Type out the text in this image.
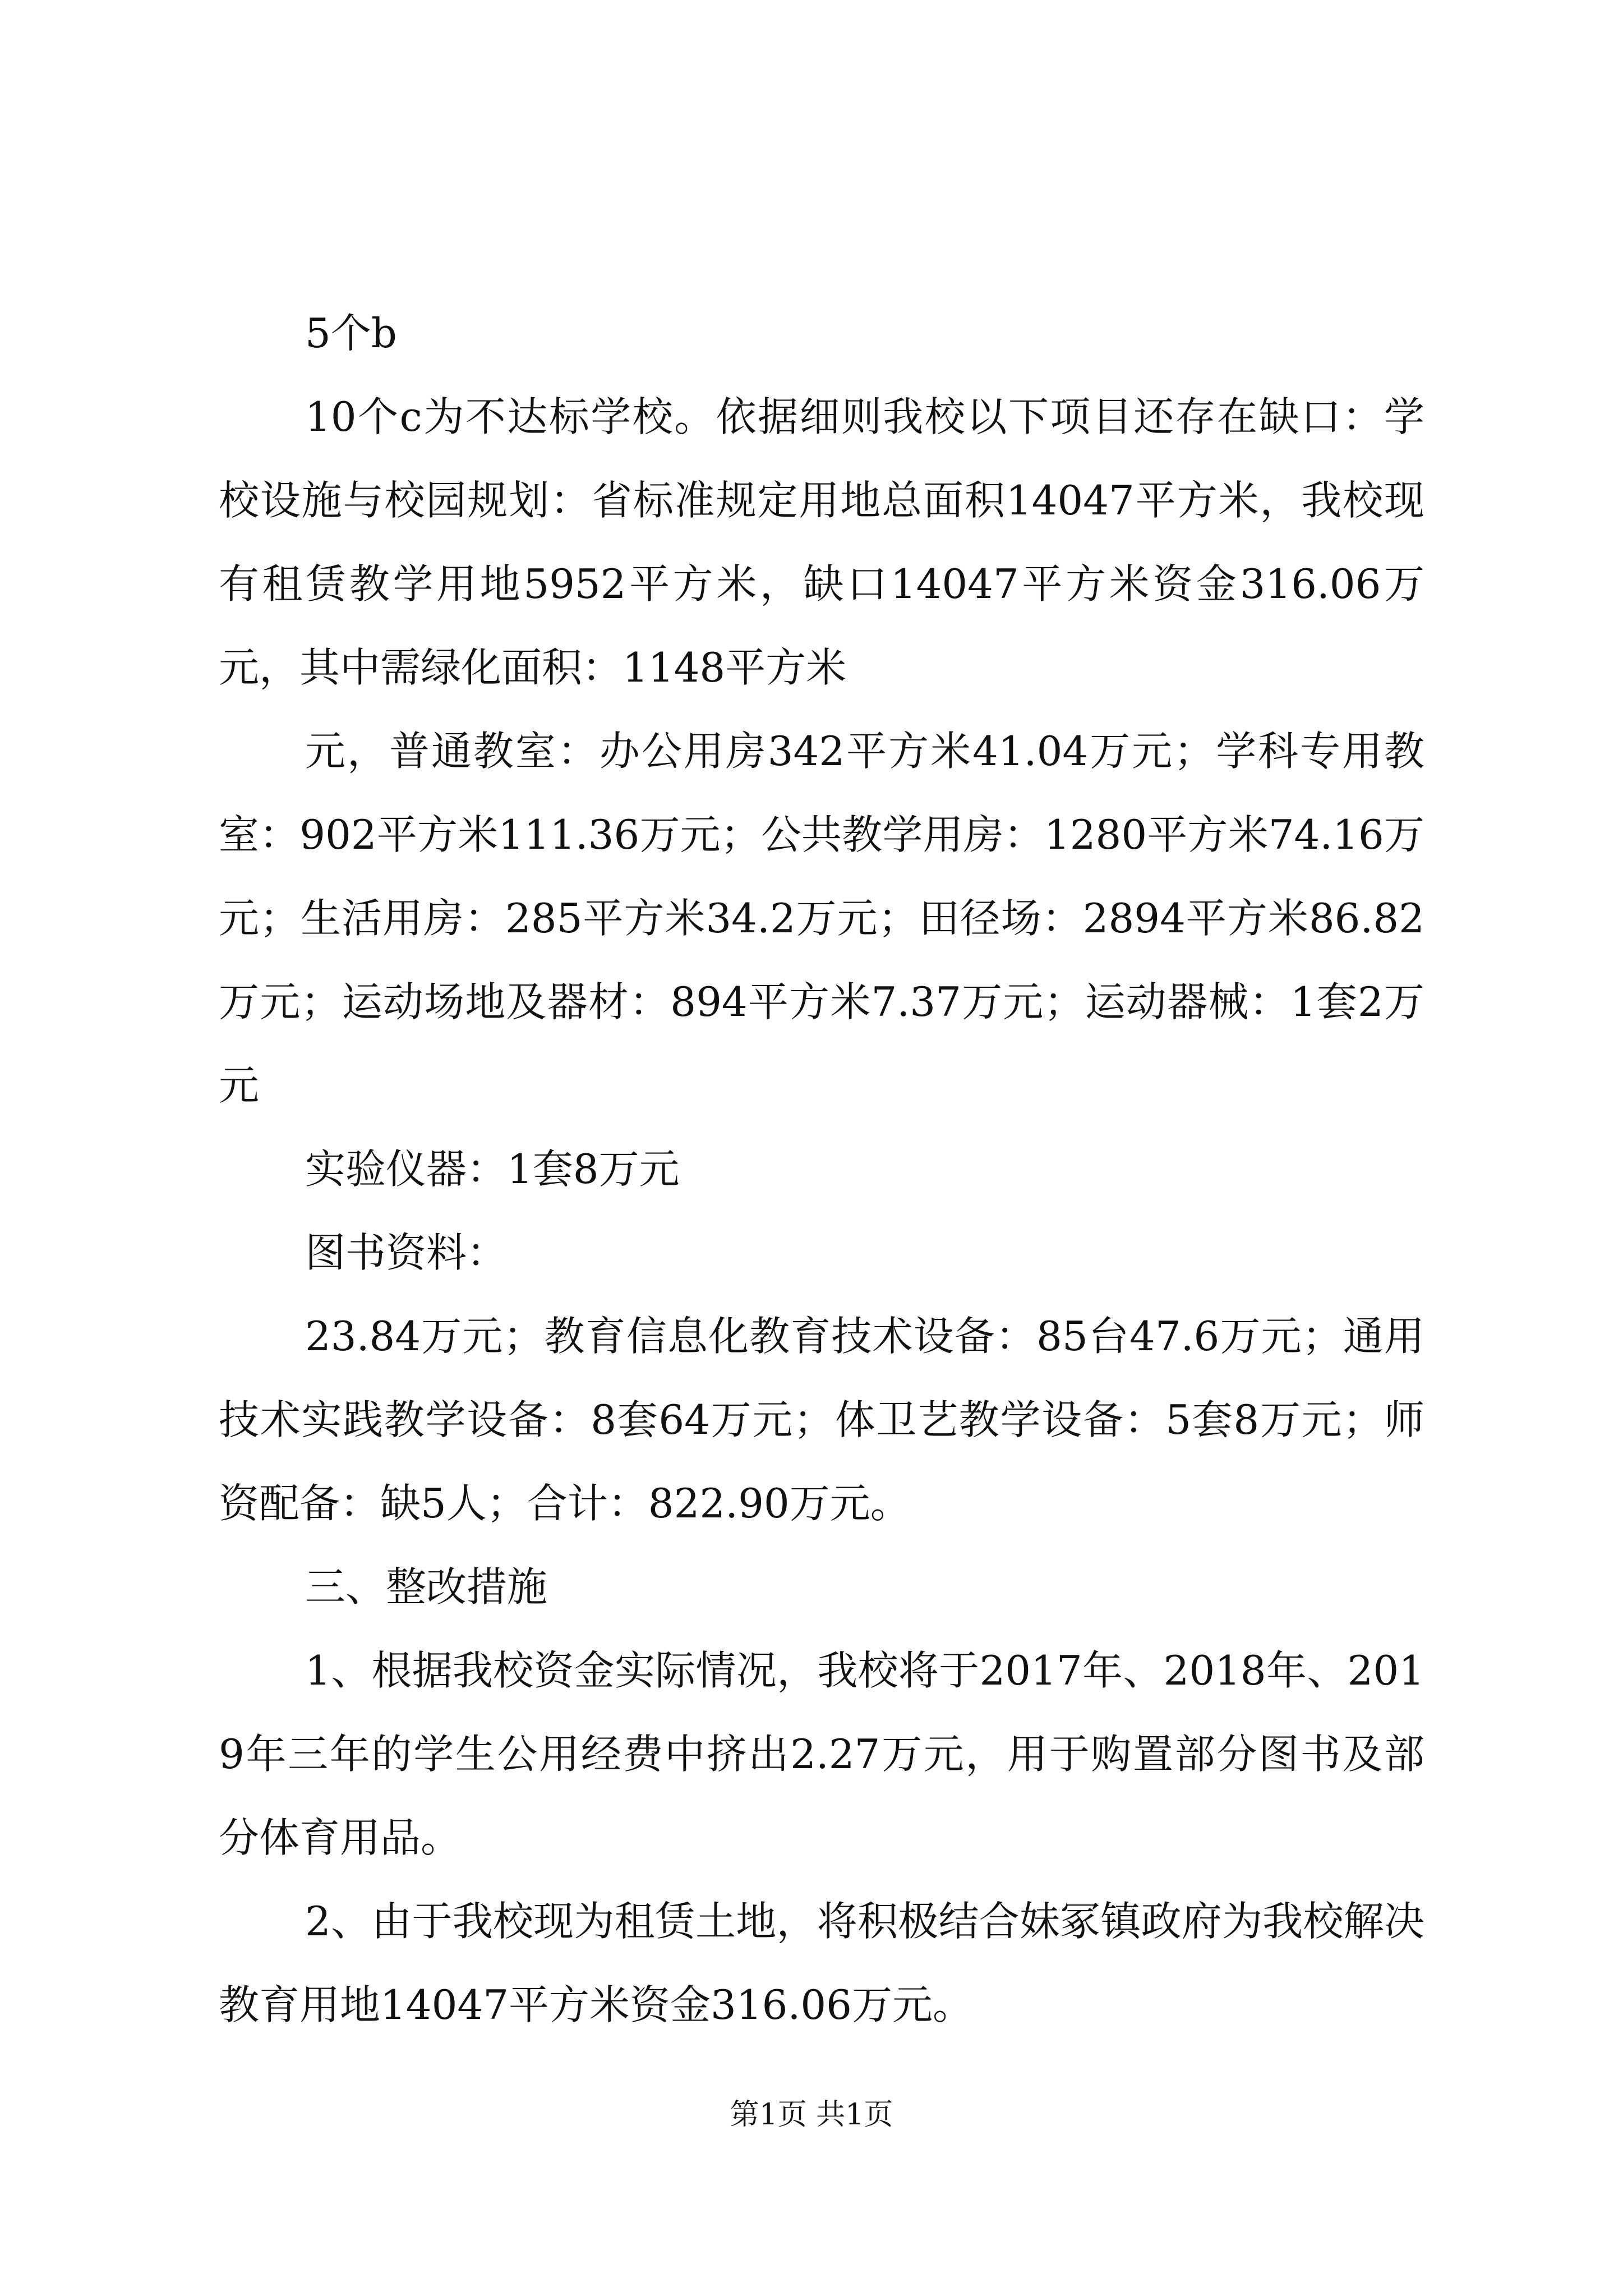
5个b

10个c为不达标学校。依据细则我校以下项目还存在缺口：学校设施与校园规划：省标准规定用地总面积14047平方米，我校现有租赁教学用地5952平方米，缺口14047平方米资金316.06万元，其中需绿化面积：1148平方米

元，普通教室：办公用房342平方米41.04万元；学科专用教室：902平方米111.36万元；公共教学用房：1280平方米74.16万元；生活用房：285平方米34.2万元；田径场：2894平方米86.82万元；运动场地及器材：894平方米7.37万元；运动器械：1套2万元

实验仪器：1套8万元

图书资料：

23.84万元；教育信息化教育技术设备：85台47.6万元；通用技术实践教学设备：8套64万元；体卫艺教学设备：5套8万元；师资配备：缺5人；合计：822.90万元。

三、整改措施

1、根据我校资金实际情况，我校将于2017年、2018年、2019年三年的学生公用经费中挤出2.27万元，用于购置部分图书及部分体育用品。

2、由于我校现为租赁土地，将积极结合妹冢镇政府为我校解决教育用地14047平方米资金316.06万元。

第1页 共1页
